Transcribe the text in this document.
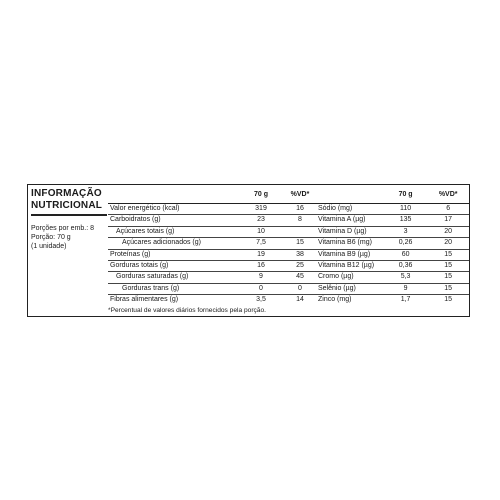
INFORMAÇÃO
NUTRICIONAL
Porções por emb.: 8
Porção: 70 g
(1 unidade)
	70 g	%VD*
Valor energético (kcal)	319	16
Carboidratos (g)	23	8
Açúcares totais (g)	10	
Açúcares adicionados (g)	7,5	15
Proteínas (g)	19	38
Gorduras totais (g)	16	25
Gorduras saturadas (g)	9	45
Gorduras trans (g)	0	0
Fibras alimentares (g)	3,5	14
	70 g	%VD*
Sódio (mg)	110	6
Vitamina A (µg)	135	17
Vitamina D (µg)	3	20
Vitamina B6 (mg)	0,26	20
Vitamina B9 (µg)	60	15
Vitamina B12 (µg)	0,36	15
Cromo (µg)	5,3	15
Selênio (µg)	9	15
Zinco (mg)	1,7	15
*Percentual de valores diários fornecidos pela porção.
